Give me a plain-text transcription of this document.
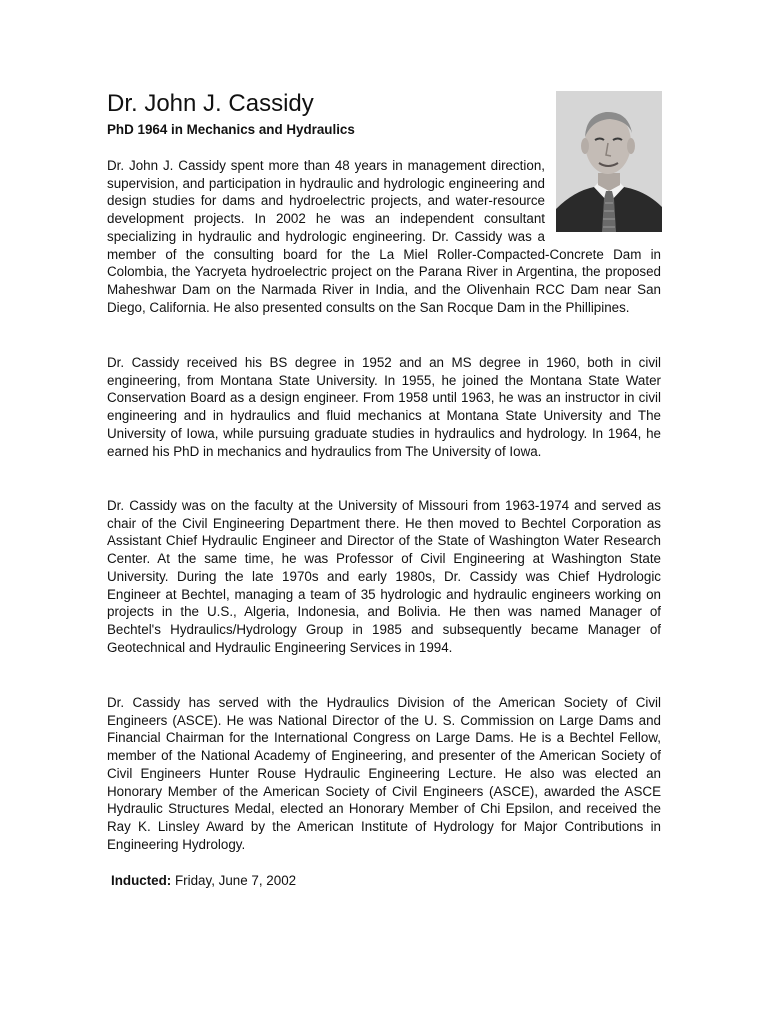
Dr. John J. Cassidy
PhD 1964 in Mechanics and Hydraulics

Dr. John J. Cassidy spent more than 48 years in management direction, supervision, and participation in hydraulic and hydrologic engineering and design studies for dams and hydroelectric projects, and water-resource development projects. In 2002 he was an independent consultant specializing in hydraulic and hydrologic engineering. Dr. Cassidy was a member of the consulting board for the La Miel Roller-Compacted-Concrete Dam in Colombia, the Yacryeta hydroelectric project on the Parana River in Argentina, the proposed Maheshwar Dam on the Narmada River in India, and the Olivenhain RCC Dam near San Diego, California. He also presented consults on the San Rocque Dam in the Phillipines.

Dr. Cassidy received his BS degree in 1952 and an MS degree in 1960, both in civil engineering, from Montana State University. In 1955, he joined the Montana State Water Conservation Board as a design engineer. From 1958 until 1963, he was an instructor in civil engineering and in hydraulics and fluid mechanics at Montana State University and The University of Iowa, while pursuing graduate studies in hydraulics and hydrology. In 1964, he earned his PhD in mechanics and hydraulics from The University of Iowa.

Dr. Cassidy was on the faculty at the University of Missouri from 1963-1974 and served as chair of the Civil Engineering Department there. He then moved to Bechtel Corporation as Assistant Chief Hydraulic Engineer and Director of the State of Washington Water Research Center. At the same time, he was Professor of Civil Engineering at Washington State University. During the late 1970s and early 1980s, Dr. Cassidy was Chief Hydrologic Engineer at Bechtel, managing a team of 35 hydrologic and hydraulic engineers working on projects in the U.S., Algeria, Indonesia, and Bolivia. He then was named Manager of Bechtel's Hydraulics/Hydrology Group in 1985 and subsequently became Manager of Geotechnical and Hydraulic Engineering Services in 1994.

Dr. Cassidy has served with the Hydraulics Division of the American Society of Civil Engineers (ASCE). He was National Director of the U. S. Commission on Large Dams and Financial Chairman for the International Congress on Large Dams. He is a Bechtel Fellow, member of the National Academy of Engineering, and presenter of the American Society of Civil Engineers Hunter Rouse Hydraulic Engineering Lecture. He also was elected an Honorary Member of the American Society of Civil Engineers (ASCE), awarded the ASCE Hydraulic Structures Medal, elected an Honorary Member of Chi Epsilon, and received the Ray K. Linsley Award by the American Institute of Hydrology for Major Contributions in Engineering Hydrology.

Inducted: Friday, June 7, 2002
